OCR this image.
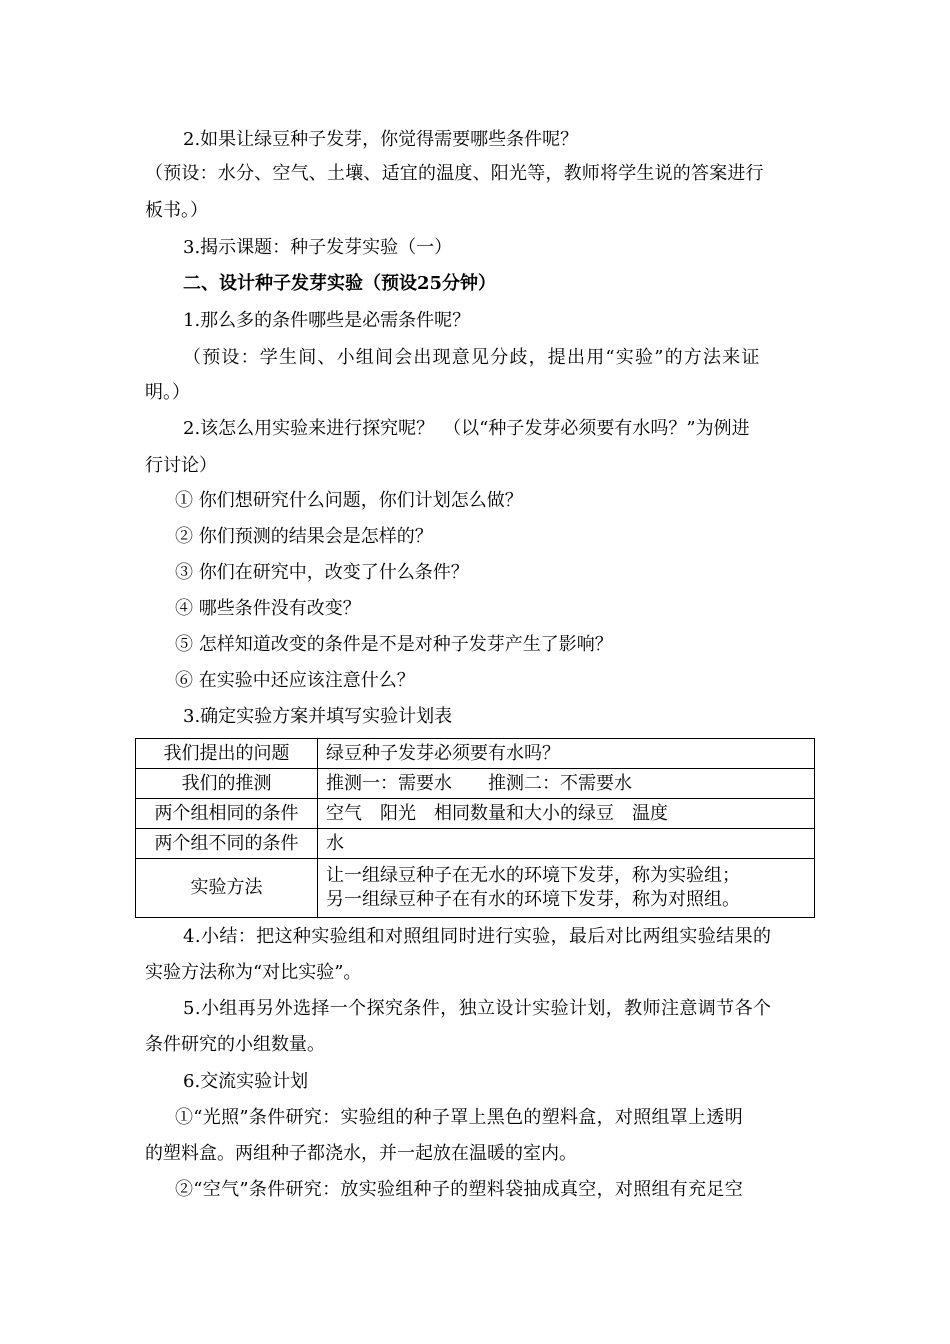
2.如果让绿豆种子发芽，你觉得需要哪些条件呢？
（预设：水分、空气、土壤、适宜的温度、阳光等，教师将学生说的答案进行
板书。）
3.揭示课题：种子发芽实验（一）
二、设计种子发芽实验（预设25分钟）
1.那么多的条件哪些是必需条件呢？
（预设：学生间、小组间会出现意见分歧，提出用“实验”的方法来证
明。）
2.该怎么用实验来进行探究呢？　（以“种子发芽必须要有水吗？”为例进
行讨论）
① 你们想研究什么问题，你们计划怎么做？
② 你们预测的结果会是怎样的？
③ 你们在研究中，改变了什么条件？
④ 哪些条件没有改变？
⑤ 怎样知道改变的条件是不是对种子发芽产生了影响？
⑥ 在实验中还应该注意什么？
3.确定实验方案并填写实验计划表
我们提出的问题	绿豆种子发芽必须要有水吗？
我们的推测	推测一：需要水　　推测二：不需要水
两个组相同的条件	空气　阳光　相同数量和大小的绿豆　温度
两个组不同的条件	水
实验方法	让一组绿豆种子在无水的环境下发芽，称为实验组；
另一组绿豆种子在有水的环境下发芽，称为对照组。
4.小结：把这种实验组和对照组同时进行实验，最后对比两组实验结果的
实验方法称为“对比实验”。
5.小组再另外选择一个探究条件，独立设计实验计划，教师注意调节各个
条件研究的小组数量。
6.交流实验计划
①“光照”条件研究：实验组的种子罩上黑色的塑料盒，对照组罩上透明
的塑料盒。两组种子都浇水，并一起放在温暖的室内。
②“空气”条件研究：放实验组种子的塑料袋抽成真空，对照组有充足空
